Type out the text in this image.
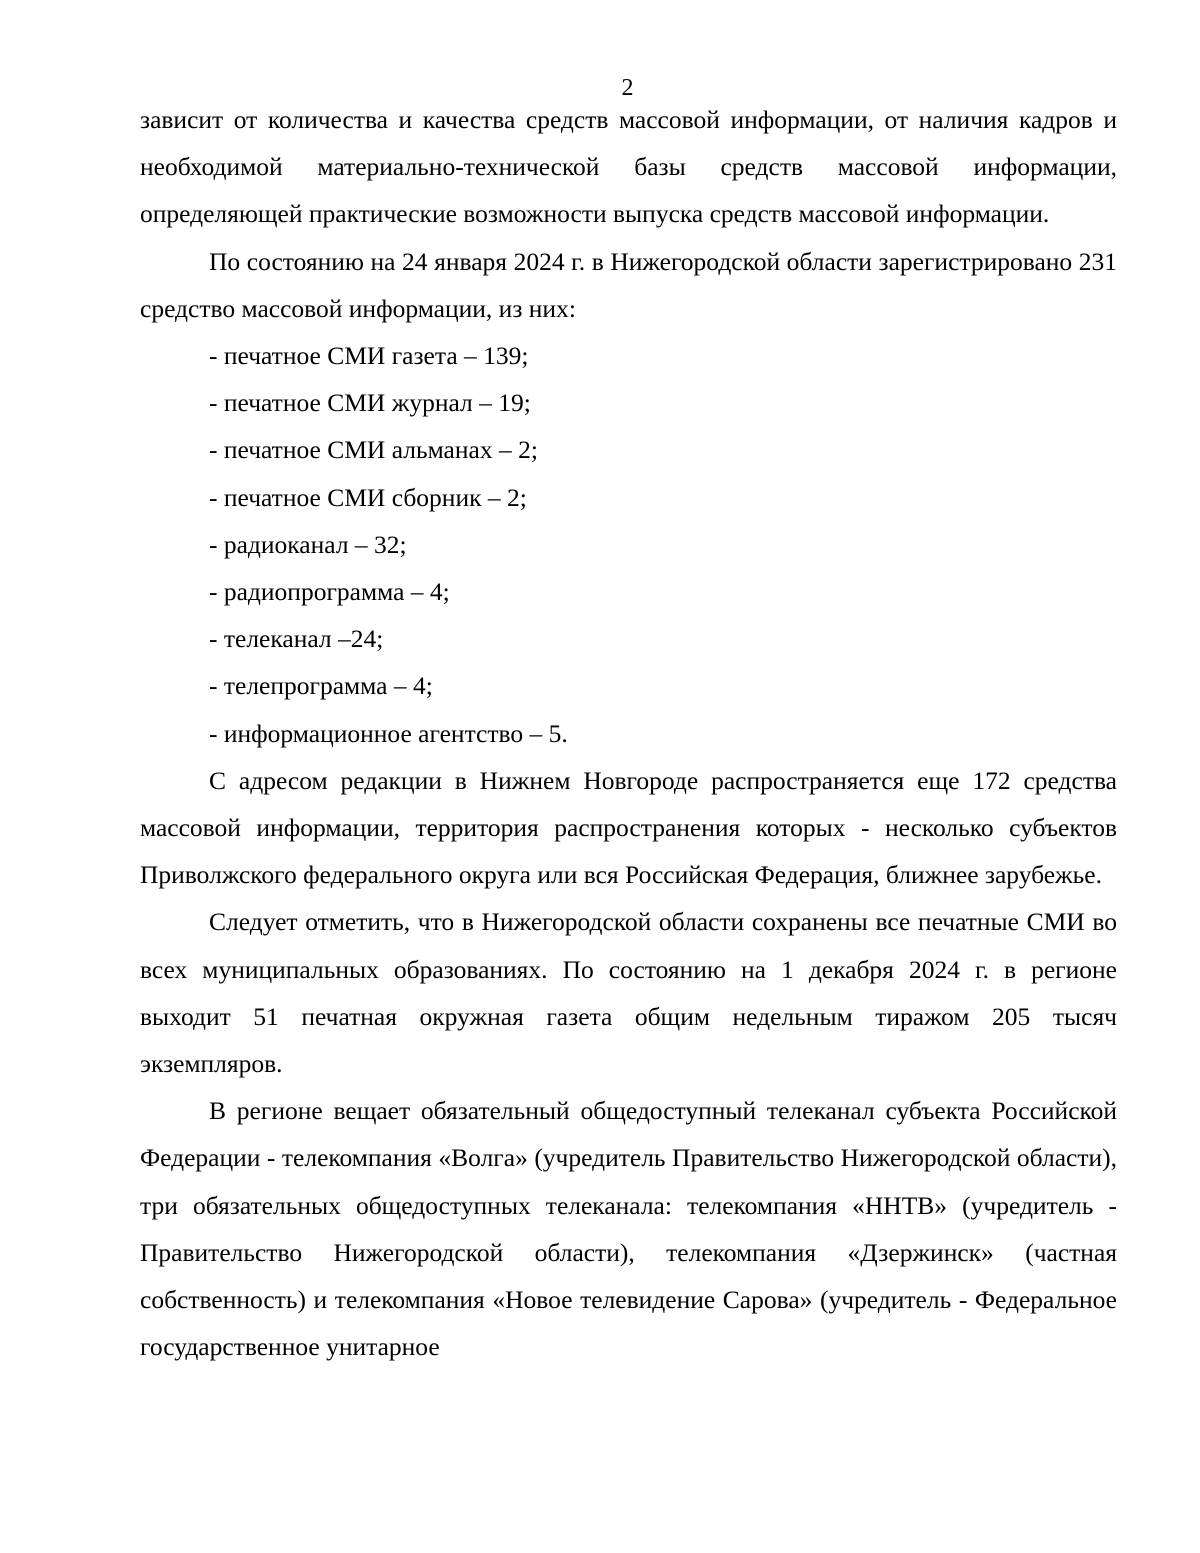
2

зависит от количества и качества средств массовой информации, от наличия кадров и необходимой материально-технической базы средств массовой информации, определяющей практические возможности выпуска средств массовой информации.

По состоянию на 24 января 2024 г. в Нижегородской области зарегистрировано 231 средство массовой информации, из них:

- печатное СМИ газета – 139;
- печатное СМИ журнал – 19;
- печатное СМИ альманах – 2;
- печатное СМИ сборник – 2;
- радиоканал – 32;
- радиопрограмма – 4;
- телеканал –24;
- телепрограмма – 4;
- информационное агентство – 5.

С адресом редакции в Нижнем Новгороде распространяется еще 172 средства массовой информации, территория распространения которых - несколько субъектов Приволжского федерального округа или вся Российская Федерация, ближнее зарубежье.

Следует отметить, что в Нижегородской области сохранены все печатные СМИ во всех муниципальных образованиях. По состоянию на 1 декабря 2024 г. в регионе выходит 51 печатная окружная газета общим недельным тиражом 205 тысяч экземпляров.

В регионе вещает обязательный общедоступный телеканал субъекта Российской Федерации - телекомпания «Волга» (учредитель Правительство Нижегородской области), три обязательных общедоступных телеканала: телекомпания «ННТВ» (учредитель - Правительство Нижегородской области), телекомпания «Дзержинск» (частная собственность) и телекомпания «Новое телевидение Сарова» (учредитель - Федеральное государственное унитарное
